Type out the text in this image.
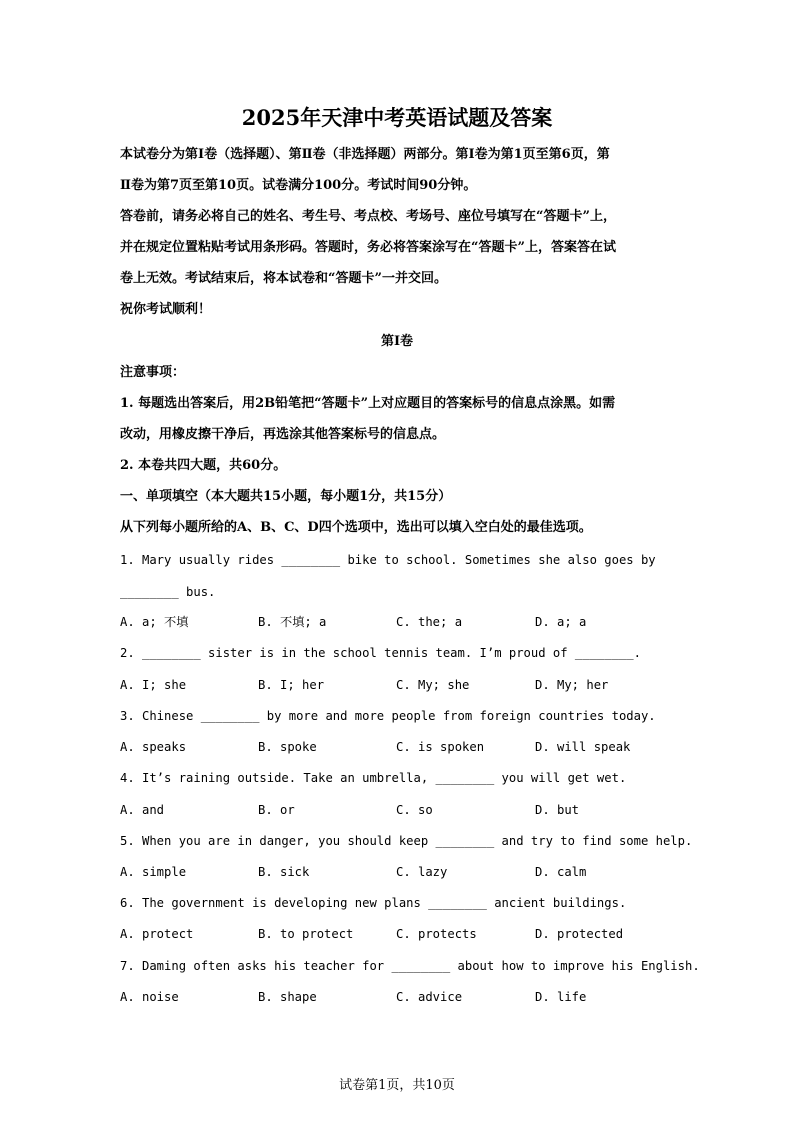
2025年天津中考英语试题及答案
本试卷分为第Ⅰ卷（选择题）、第Ⅱ卷（非选择题）两部分。第Ⅰ卷为第1页至第6页，第
Ⅱ卷为第7页至第10页。试卷满分100分。考试时间90分钟。
答卷前，请务必将自己的姓名、考生号、考点校、考场号、座位号填写在“答题卡”上，
并在规定位置粘贴考试用条形码。答题时，务必将答案涂写在“答题卡”上，答案答在试
卷上无效。考试结束后，将本试卷和“答题卡”一并交回。
祝你考试顺利！
第Ⅰ卷
注意事项：
1. 每题选出答案后，用2B铅笔把“答题卡”上对应题目的答案标号的信息点涂黑。如需
改动，用橡皮擦干净后，再选涂其他答案标号的信息点。
2. 本卷共四大题，共60分。
一、单项填空（本大题共15小题，每小题1分，共15分）
从下列每小题所给的A、B、C、D四个选项中，选出可以填入空白处的最佳选项。
1. Mary usually rides ________ bike to school. Sometimes she also goes by
________ bus.
A. a; 不填	B. 不填; a	C. the; a	D. a; a
2. ________ sister is in the school tennis team. I’m proud of ________.
A. I; she	B. I; her	C. My; she	D. My; her
3. Chinese ________ by more and more people from foreign countries today.
A. speaks	B. spoke	C. is spoken	D. will speak
4. It’s raining outside. Take an umbrella, ________ you will get wet.
A. and	B. or	C. so	D. but
5. When you are in danger, you should keep ________ and try to find some help.
A. simple	B. sick	C. lazy	D. calm
6. The government is developing new plans ________ ancient buildings.
A. protect	B. to protect	C. protects	D. protected
7. Daming often asks his teacher for ________ about how to improve his English.
A. noise	B. shape	C. advice	D. life
试卷第1页，共10页
